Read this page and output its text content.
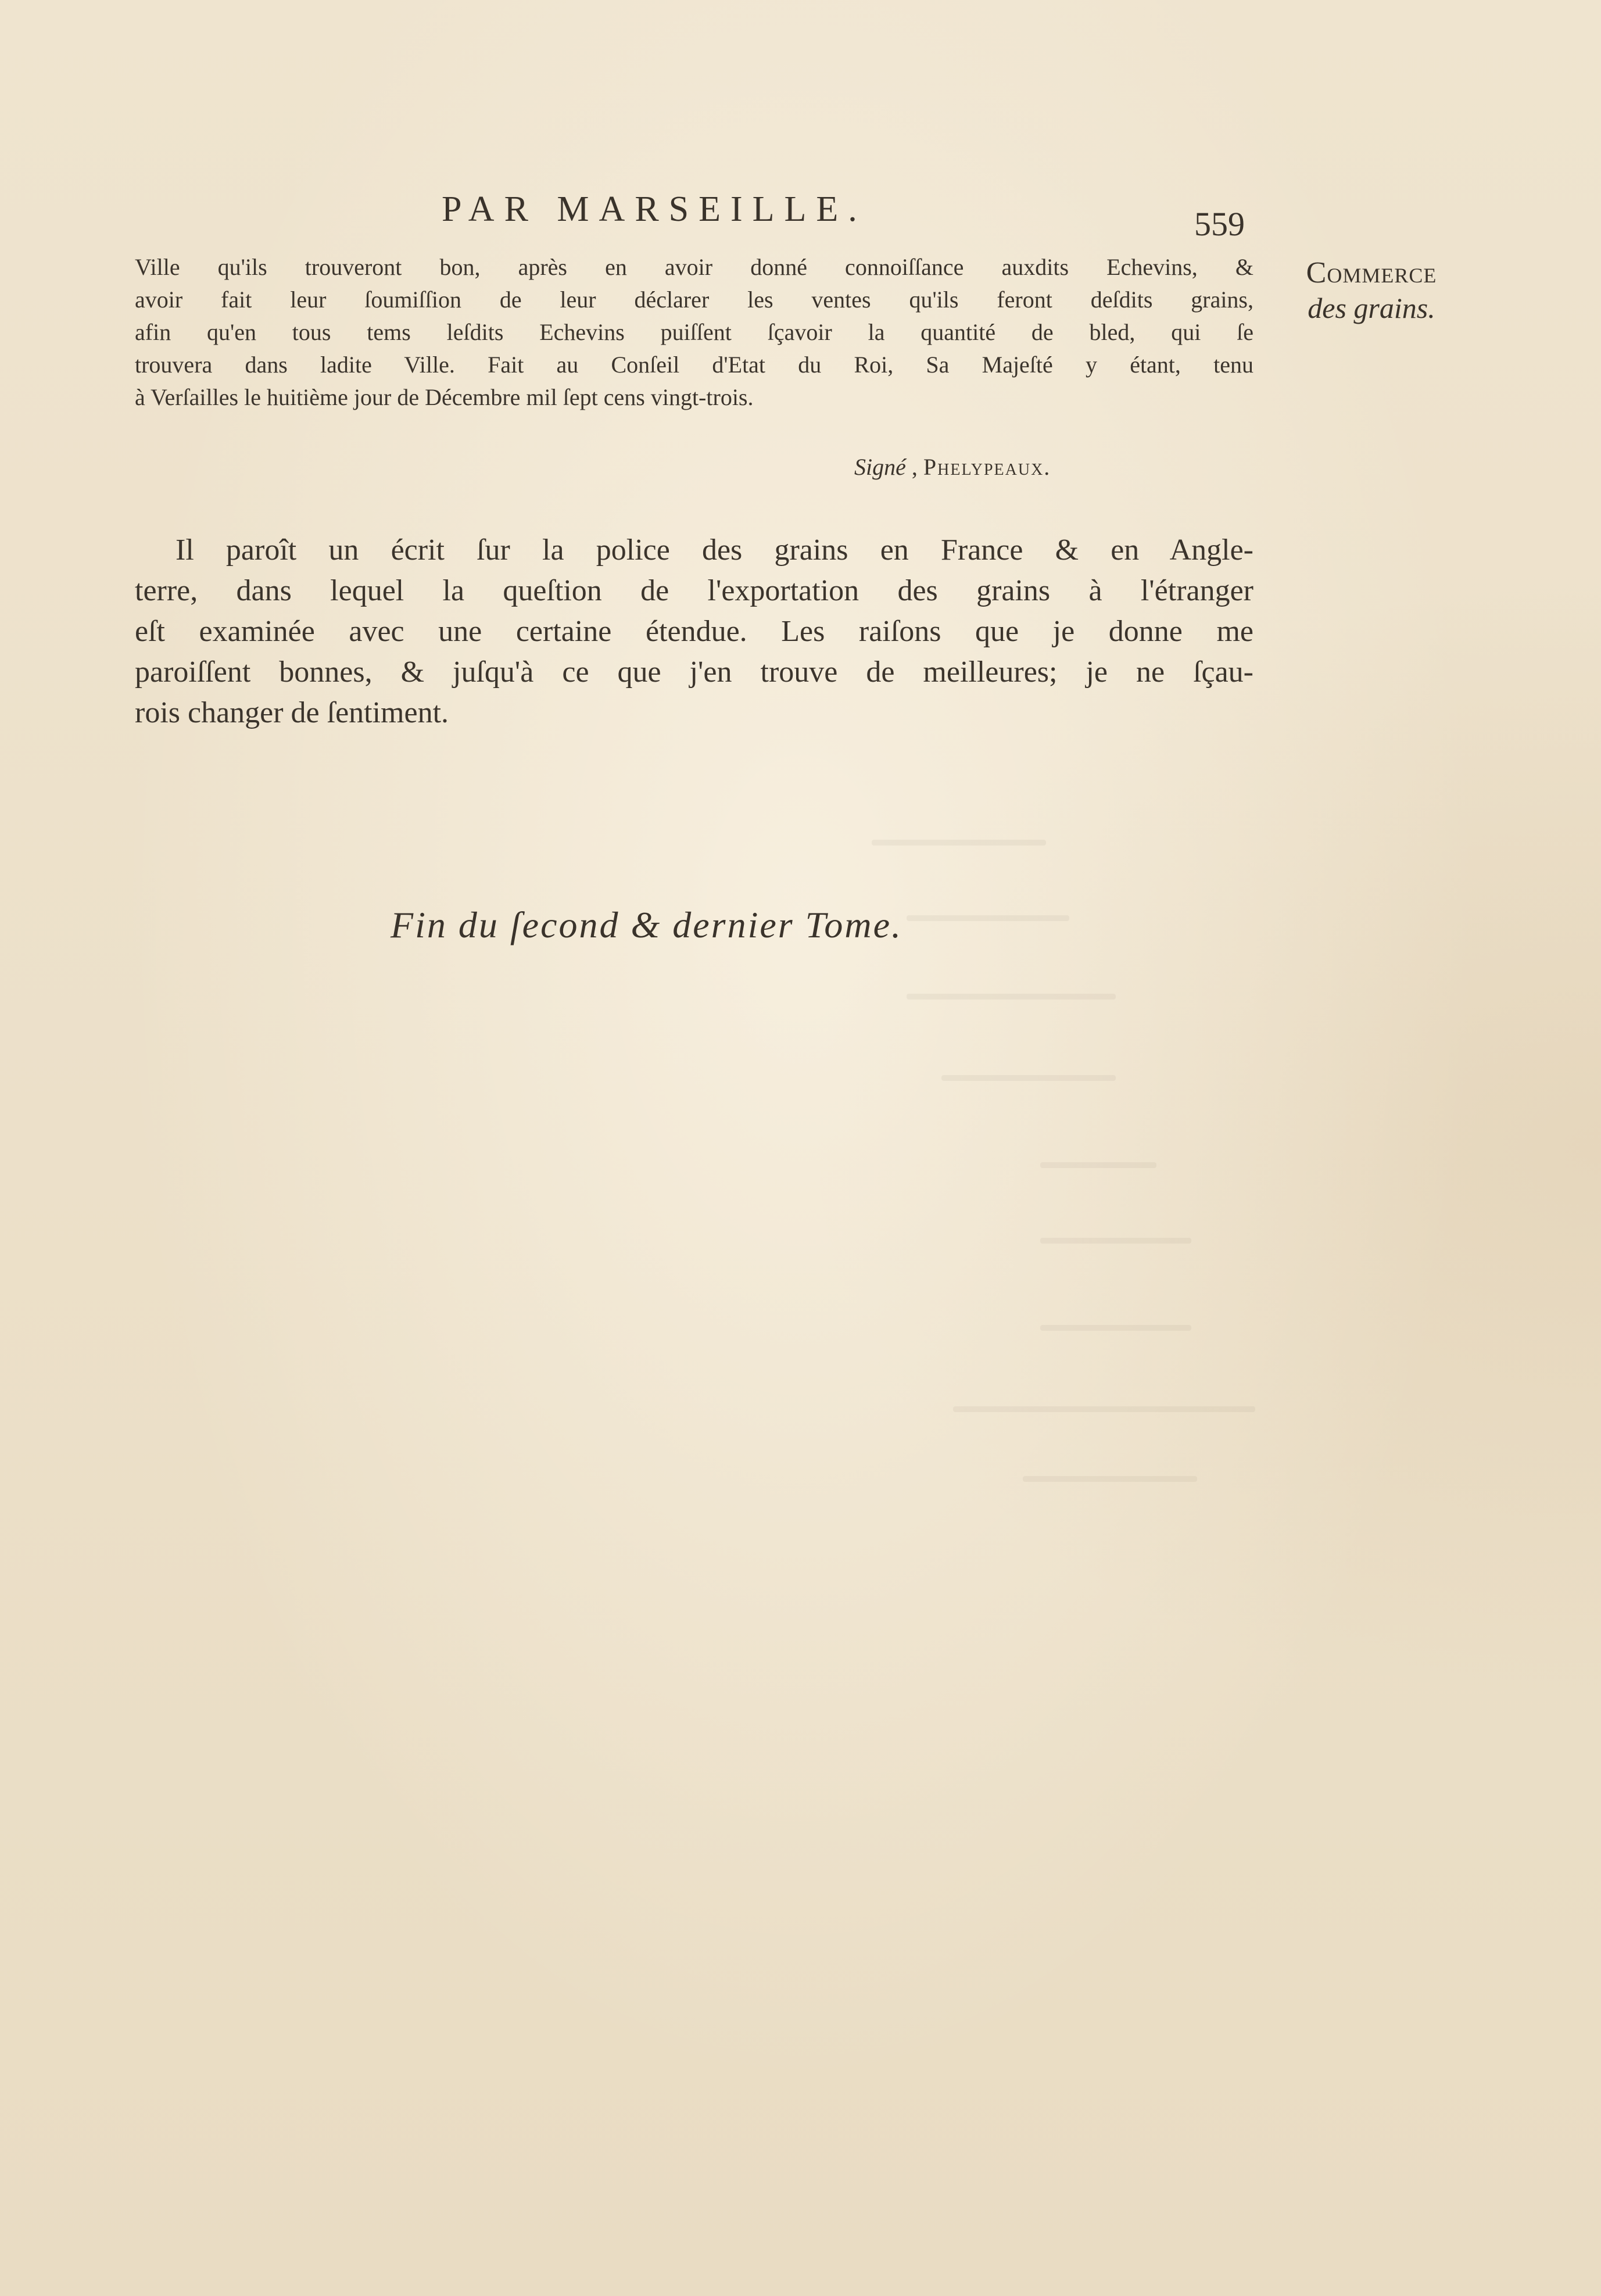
PAR MARSEILLE.	559
Ville qu'ils trouveront bon, après en avoir donné connoiſſance auxdits Echevins, &
avoir fait leur ſoumiſſion de leur déclarer les ventes qu'ils feront deſdits grains,
afin qu'en tous tems leſdits Echevins puiſſent ſçavoir la quantité de bled, qui ſe
trouvera dans ladite Ville. Fait au Conſeil d'Etat du Roi, Sa Majeſté y étant, tenu
à Verſailles le huitième jour de Décembre mil ſept cens vingt-trois.
Signé , Phelypeaux.
Commerce
des grains.
Il paroît un écrit ſur la police des grains en France & en Angle-
terre, dans lequel la queſtion de l'exportation des grains à l'étranger
eſt examinée avec une certaine étendue. Les raiſons que je donne me
paroiſſent bonnes, & juſqu'à ce que j'en trouve de meilleures; je ne ſçau-
rois changer de ſentiment.
Fin du ſecond & dernier Tome.
